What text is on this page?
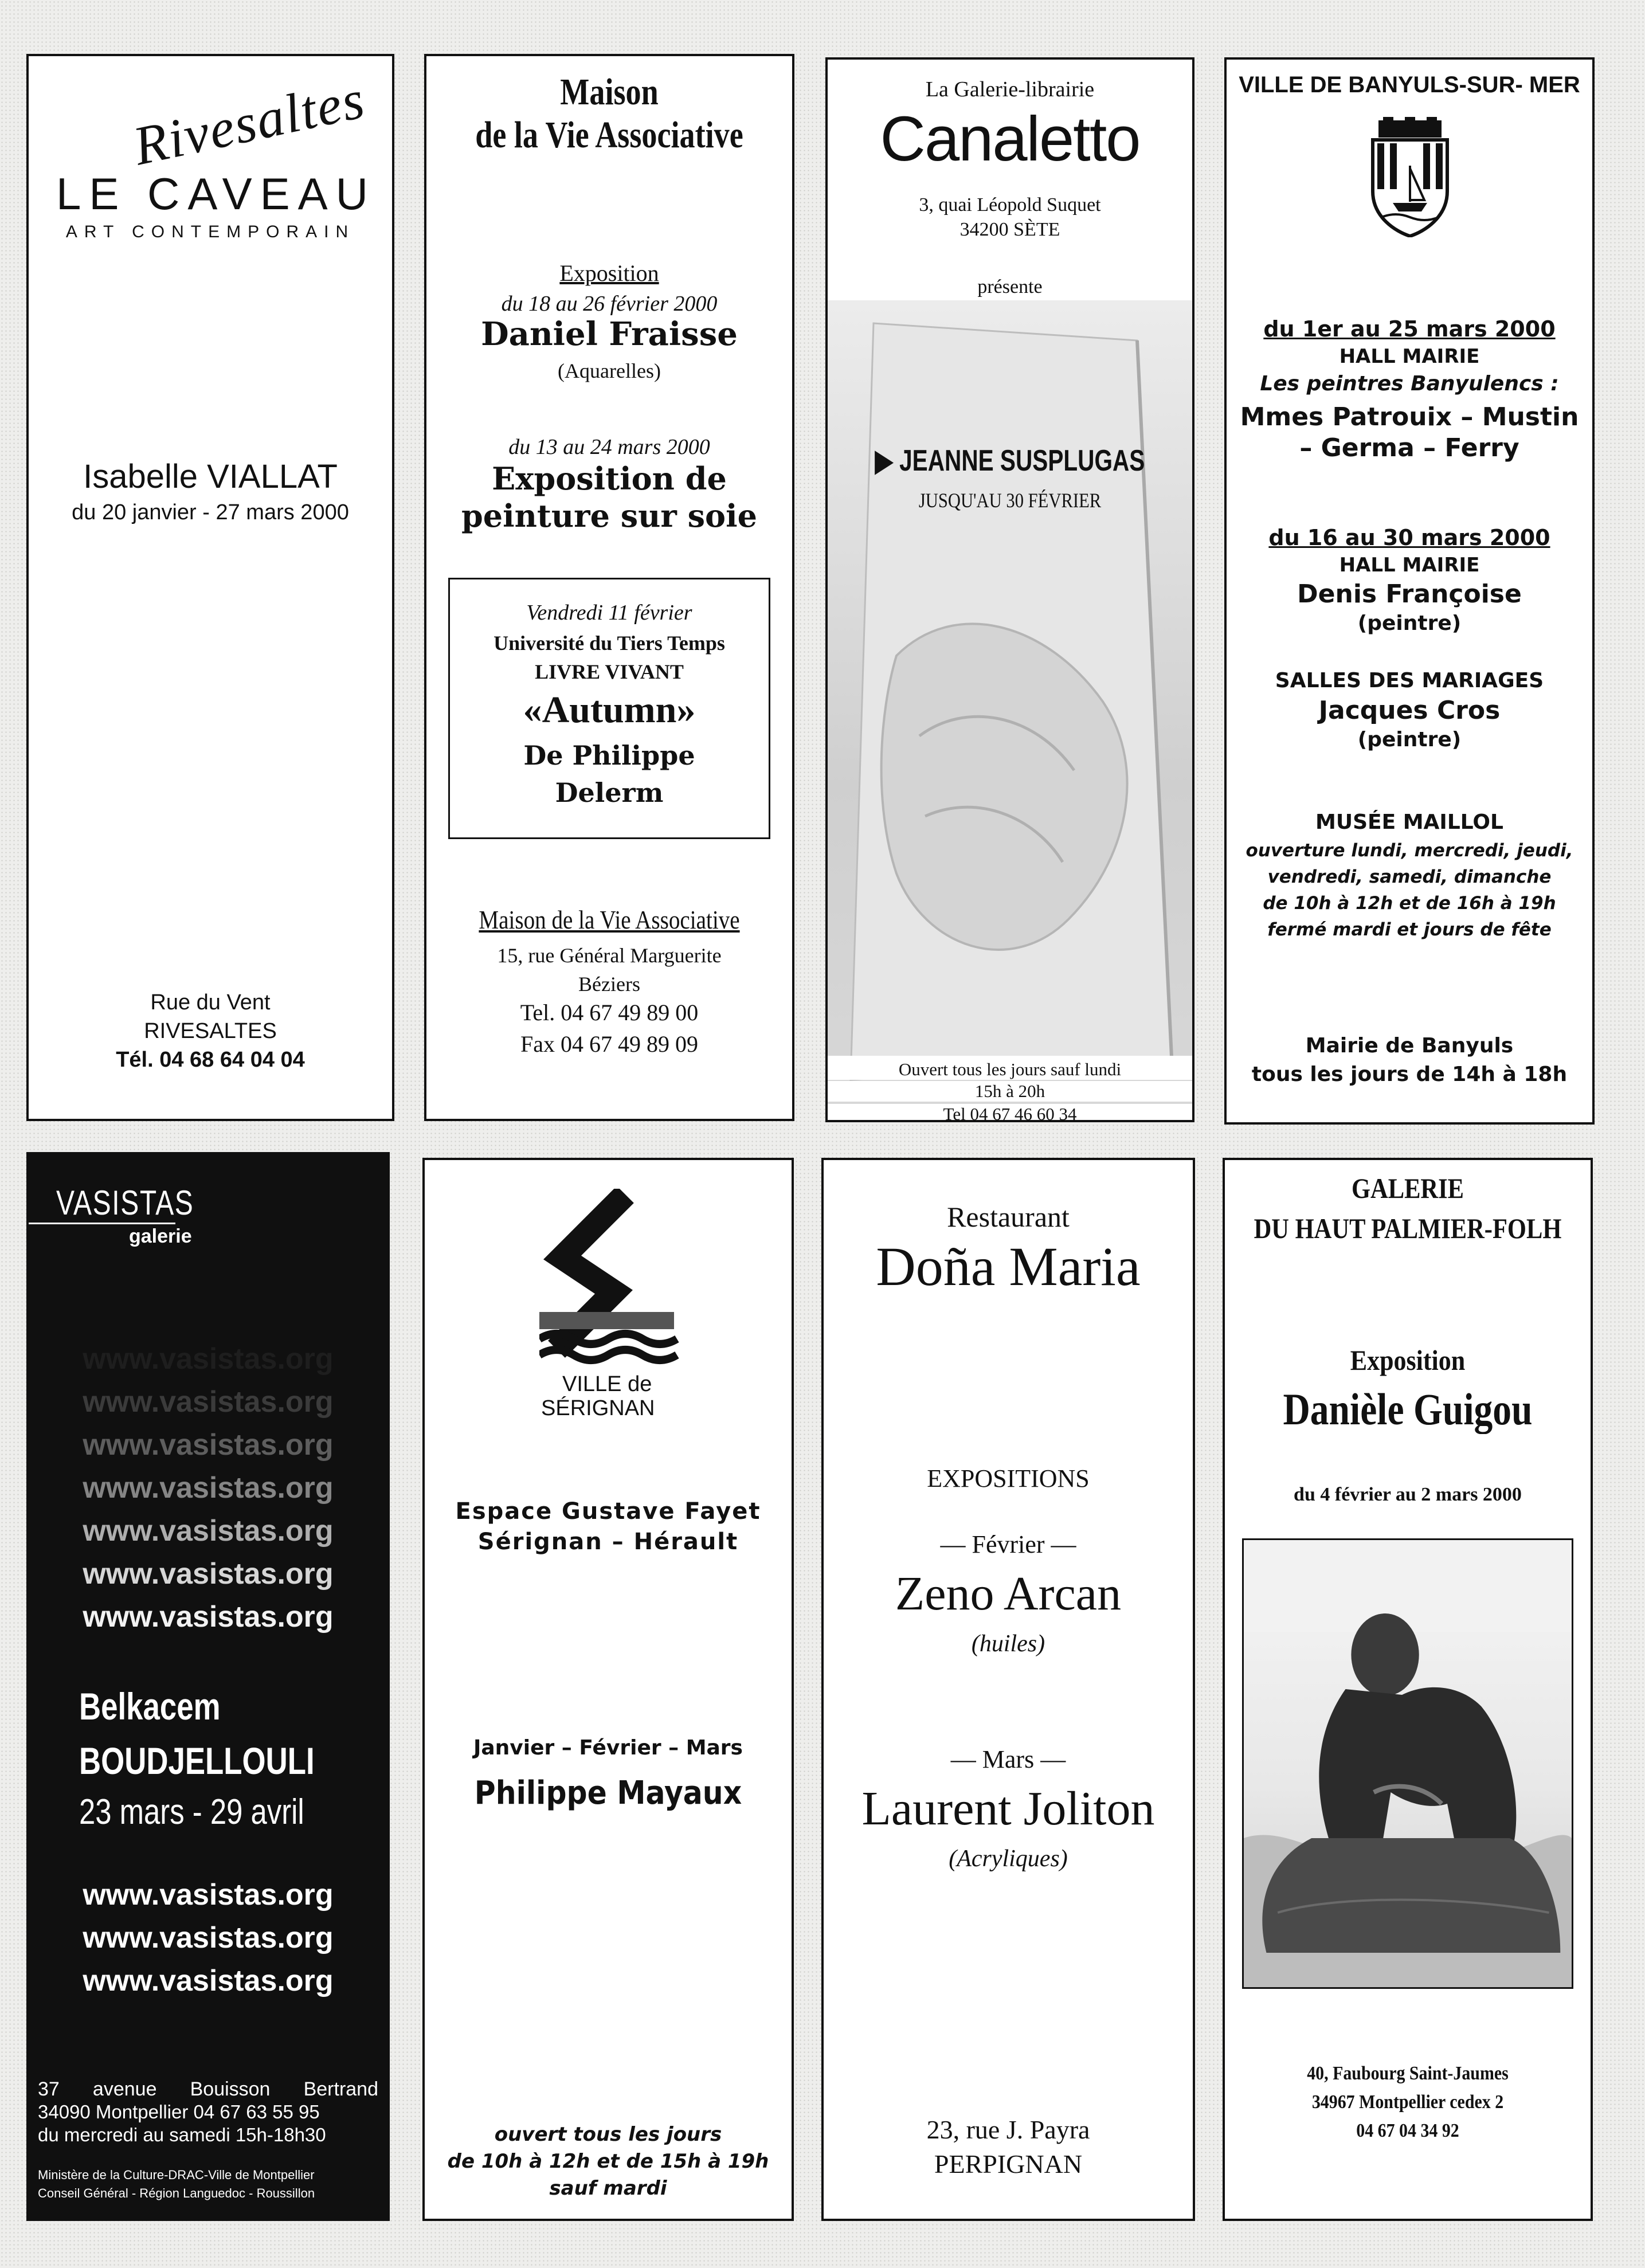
Rivesaltes
LE CAVEAU
ART CONTEMPORAIN
Isabelle VIALLAT
du 20 janvier - 27 mars 2000
Rue du Vent
RIVESALTES
Tél. 04 68 64 04 04
Maison
de la Vie Associative
Exposition
du 18 au 26 février 2000
Daniel Fraisse
(Aquarelles)
du 13 au 24 mars 2000
Exposition de
peinture sur soie
Vendredi 11 février
Université du Tiers Temps
LIVRE VIVANT
«Autumn»
De Philippe
Delerm
Maison de la Vie Associative
15, rue Général Marguerite
Béziers
Tel. 04 67 49 89 00
Fax 04 67 49 89 09
La Galerie-librairie
Canaletto
3, quai Léopold Suquet
34200 SÈTE
présente
▶ JEANNE SUSPLUGAS
JUSQU'AU 30 FÉVRIER
Ouvert tous les jours sauf lundi
15h à 20h
Tel 04 67 46 60 34
VILLE DE BANYULS-SUR- MER
du 1er au 25 mars 2000
HALL MAIRIE
Les peintres Banyulencs :
Mmes Patrouix – Mustin
– Germa – Ferry
du 16 au 30 mars 2000
HALL MAIRIE
Denis Françoise
(peintre)
SALLES DES MARIAGES
Jacques Cros
(peintre)
MUSÉE MAILLOL
ouverture lundi, mercredi, jeudi,
vendredi, samedi, dimanche
de 10h à 12h et de 16h à 19h
fermé mardi et jours de fête
Mairie de Banyuls
tous les jours de 14h à 18h
VASISTAS
galerie
www.vasistas.org
www.vasistas.org
www.vasistas.org
www.vasistas.org
www.vasistas.org
www.vasistas.org
www.vasistas.org
Belkacem
BOUDJELLOULI
23 mars - 29 avril
www.vasistas.org
www.vasistas.org
www.vasistas.org
37 avenue Bouisson Bertrand
34090 Montpellier 04 67 63 55 95
du mercredi au samedi 15h-18h30
Ministère de la Culture-DRAC-Ville de Montpellier
Conseil Général - Région Languedoc - Roussillon
VILLE de
SÉRIGNAN
Espace Gustave Fayet
Sérignan – Hérault
Janvier – Février – Mars
Philippe Mayaux
ouvert tous les jours
de 10h à 12h et de 15h à 19h
sauf mardi
Restaurant
Doña Maria
EXPOSITIONS
— Février —
Zeno Arcan
(huiles)
— Mars —
Laurent Joliton
(Acryliques)
23, rue J. Payra
PERPIGNAN
GALERIE
DU HAUT PALMIER-FOLH
Exposition
Danièle Guigou
du 4 février au 2 mars 2000
40, Faubourg Saint-Jaumes
34967 Montpellier cedex 2
04 67 04 34 92
